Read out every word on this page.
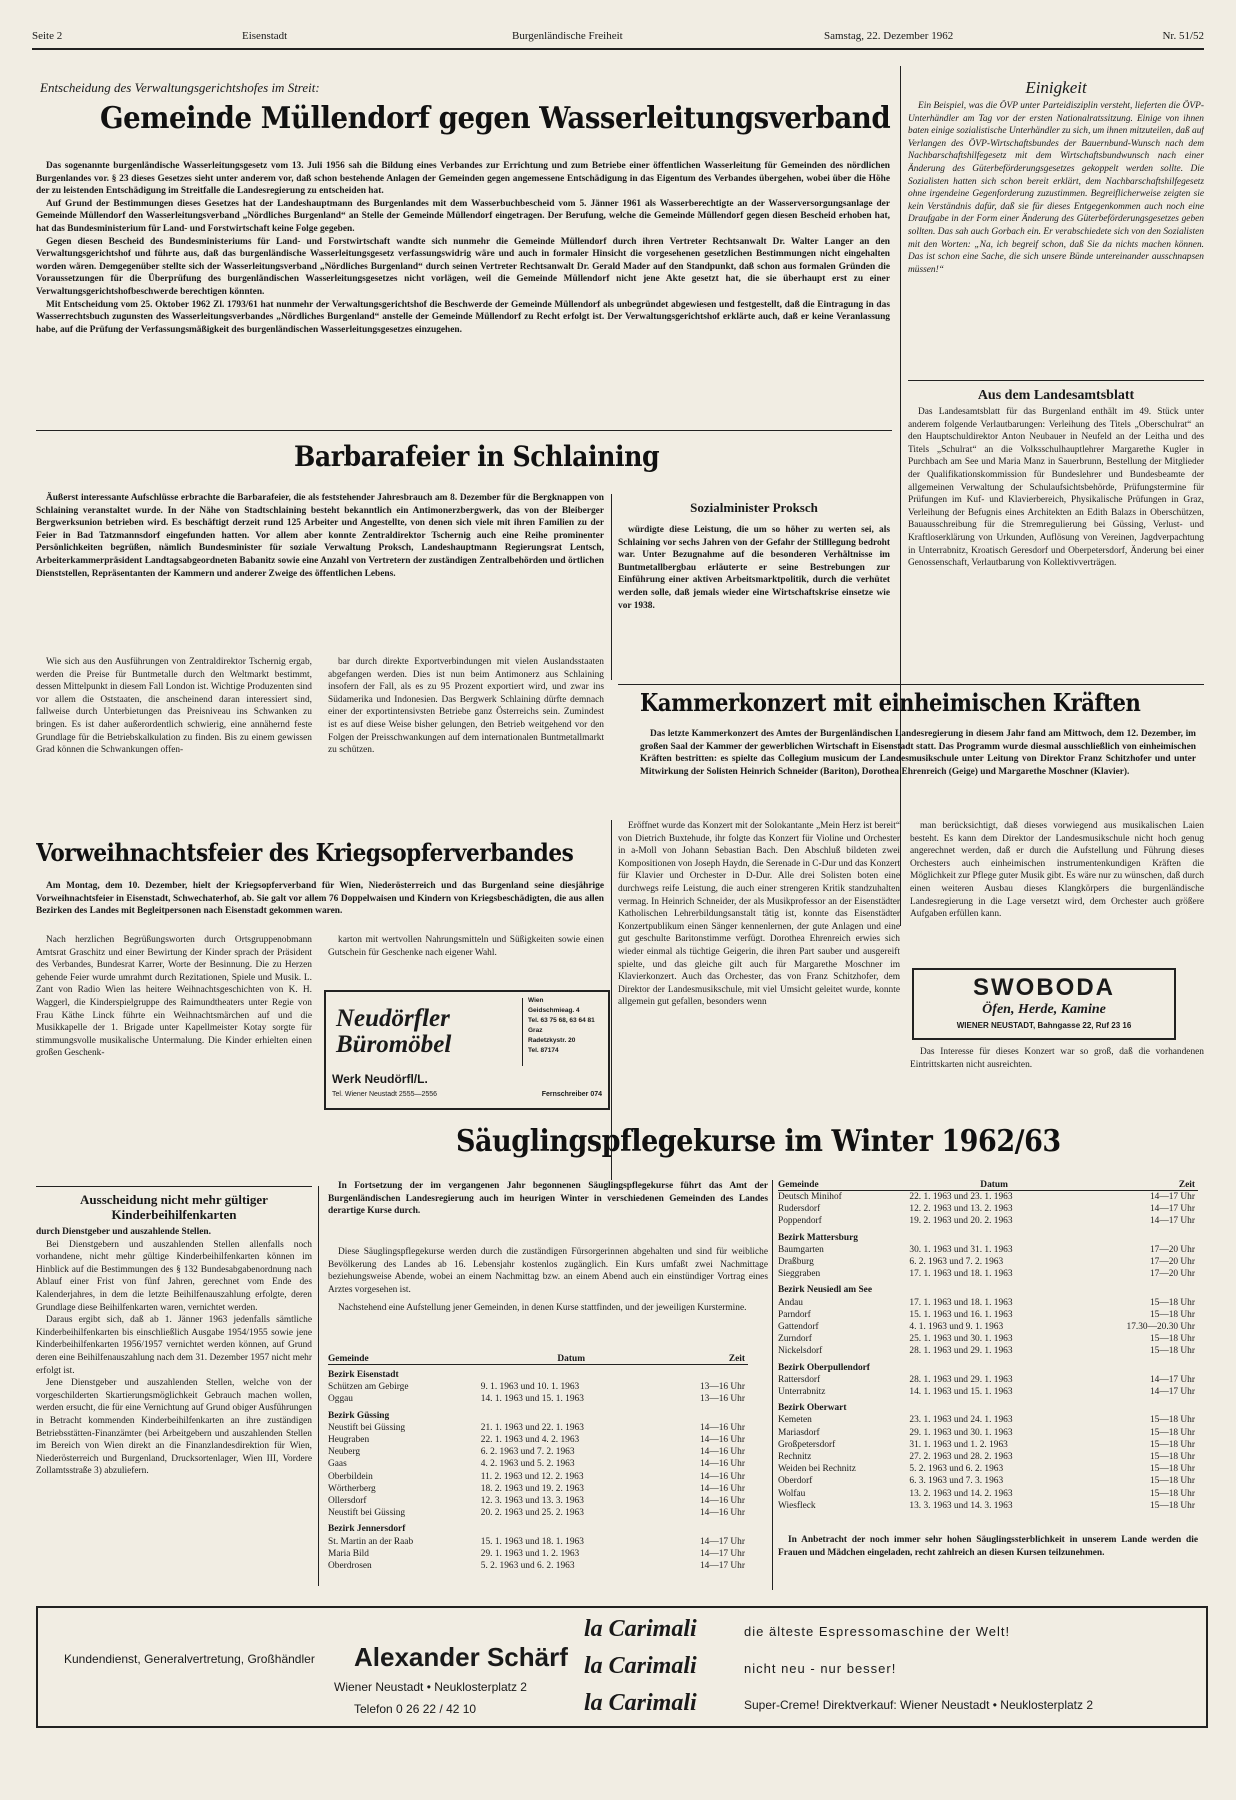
Seite 2	Eisenstadt	Burgenländische Freiheit	Samstag, 22. Dezember 1962	Nr. 51/52
Entscheidung des Verwaltungsgerichtshofes im Streit:
Gemeinde Müllendorf gegen Wasserleitungsverband

Das sogenannte burgenländische Wasserleitungsgesetz vom 13. Juli 1956 sah die Bildung eines Verbandes zur Errichtung und zum Betriebe einer öffentlichen Wasserleitung für Gemeinden des nördlichen Burgenlandes vor. § 23 dieses Gesetzes sieht unter anderem vor, daß schon bestehende Anlagen der Gemeinden gegen angemessene Entschädigung in das Eigentum des Verbandes übergehen, wobei über die Höhe der zu leistenden Entschädigung im Streitfalle die Landesregierung zu entscheiden hat.

Auf Grund der Bestimmungen dieses Gesetzes hat der Landeshauptmann des Burgenlandes mit dem Wasserbuchbescheid vom 5. Jänner 1961 als Wasserberechtigte an der Wasserversorgungsanlage der Gemeinde Müllendorf den Wasserleitungsverband „Nördliches Burgenland“ an Stelle der Gemeinde Müllendorf eingetragen. Der Berufung, welche die Gemeinde Müllendorf gegen diesen Bescheid erhoben hat, hat das Bundesministerium für Land- und Forstwirtschaft keine Folge gegeben.

Gegen diesen Bescheid des Bundesministeriums für Land- und Forstwirtschaft wandte sich nunmehr die Gemeinde Müllendorf durch ihren Vertreter Rechtsanwalt Dr. Walter Langer an den Verwaltungsgerichtshof und führte aus, daß das burgenländische Wasserleitungsgesetz verfassungswidrig wäre und auch in formaler Hinsicht die vorgesehenen gesetzlichen Bestimmungen nicht eingehalten worden wären. Demgegenüber stellte sich der Wasserleitungsverband „Nördliches Burgenland“ durch seinen Vertreter Rechtsanwalt Dr. Gerald Mader auf den Standpunkt, daß schon aus formalen Gründen die Voraussetzungen für die Überprüfung des burgenländischen Wasserleitungsgesetzes nicht vorlägen, weil die Gemeinde Müllendorf nicht jene Akte gesetzt hat, die sie überhaupt erst zu einer Verwaltungsgerichtshofbeschwerde berechtigen könnten.

Mit Entscheidung vom 25. Oktober 1962 Zl. 1793/61 hat nunmehr der Verwaltungsgerichtshof die Beschwerde der Gemeinde Müllendorf als unbegründet abgewiesen und festgestellt, daß die Eintragung in das Wasserrechtsbuch zugunsten des Wasserleitungsverbandes „Nördliches Burgenland“ anstelle der Gemeinde Müllendorf zu Recht erfolgt ist. Der Verwaltungsgerichtshof erklärte auch, daß er keine Veranlassung habe, auf die Prüfung der Verfassungsmäßigkeit des burgenländischen Wasserleitungsgesetzes einzugehen.

Einigkeit

Ein Beispiel, was die ÖVP unter Parteidisziplin versteht, lieferten die ÖVP-Unterhändler am Tag vor der ersten Nationalratssitzung. Einige von ihnen baten einige sozialistische Unterhändler zu sich, um ihnen mitzuteilen, daß auf Verlangen des ÖVP-Wirtschaftsbundes der Bauernbund-Wunsch nach dem Nachbarschaftshilfegesetz mit dem Wirtschaftsbundwunsch nach einer Änderung des Güterbeförderungsgesetzes gekoppelt werden sollte. Die Sozialisten hatten sich schon bereit erklärt, dem Nachbarschaftshilfegesetz ohne irgendeine Gegenforderung zuzustimmen. Begreiflicherweise zeigten sie kein Verständnis dafür, daß sie für dieses Entgegenkommen auch noch eine Draufgabe in der Form einer Änderung des Güterbeförderungsgesetzes geben sollten. Das sah auch Gorbach ein. Er verabschiedete sich von den Sozialisten mit den Worten: „Na, ich begreif schon, daß Sie da nichts machen können. Das ist schon eine Sache, die sich unsere Bünde untereinander ausschnapsen müssen!“

Aus dem Landesamtsblatt

Das Landesamtsblatt für das Burgenland enthält im 49. Stück unter anderem folgende Verlautbarungen: Verleihung des Titels „Oberschulrat“ an den Hauptschuldirektor Anton Neubauer in Neufeld an der Leitha und des Titels „Schulrat“ an die Volksschulhauptlehrer Margarethe Kugler in Purchbach am See und Maria Manz in Sauerbrunn, Bestellung der Mitglieder der Qualifikationskommission für Bundeslehrer und Bundesbeamte der allgemeinen Verwaltung der Schulaufsichtsbehörde, Prüfungstermine für Prüfungen im Kuf- und Klavierbereich, Physikalische Prüfungen in Graz, Verleihung der Befugnis eines Architekten an Edith Balazs in Oberschützen, Bauausschreibung für die Stremregulierung bei Güssing, Verlust- und Kraftloserklärung von Urkunden, Auflösung von Vereinen, Jagdverpachtung in Unterrabnitz, Kroatisch Geresdorf und Oberpetersdorf, Änderung bei einer Genossenschaft, Verlautbarung von Kollektivverträgen.

Barbarafeier in Schlaining

Äußerst interessante Aufschlüsse erbrachte die Barbarafeier, die als feststehender Jahresbrauch am 8. Dezember für die Bergknappen von Schlaining veranstaltet wurde. In der Nähe von Stadtschlaining besteht bekanntlich ein Antimonerzbergwerk, das von der Bleiberger Bergwerksunion betrieben wird. Es beschäftigt derzeit rund 125 Arbeiter und Angestellte, von denen sich viele mit ihren Familien zu der Feier in Bad Tatzmannsdorf eingefunden hatten. Vor allem aber konnte Zentraldirektor Tschernig auch eine Reihe prominenter Persönlichkeiten begrüßen, nämlich Bundesminister für soziale Verwaltung Proksch, Landeshauptmann Regierungsrat Lentsch, Arbeiterkammerpräsident Landtagsabgeordneten Babanitz sowie eine Anzahl von Vertretern der zuständigen Zentralbehörden und örtlichen Dienststellen, Repräsentanten der Kammern und anderer Zweige des öffentlichen Lebens.

Wie sich aus den Ausführungen von Zentraldirektor Tschernig ergab, werden die Preise für Buntmetalle durch den Weltmarkt bestimmt, dessen Mittelpunkt in diesem Fall London ist. Wichtige Produzenten sind vor allem die Oststaaten, die anscheinend daran interessiert sind, fallweise durch Unterbietungen das Preisniveau ins Schwanken zu bringen. Es ist daher außerordentlich schwierig, eine annähernd feste Grundlage für die Betriebskalkulation zu finden. Bis zu einem gewissen Grad können die Schwankungen offen-

bar durch direkte Exportverbindungen mit vielen Auslandsstaaten abgefangen werden. Dies ist nun beim Antimonerz aus Schlaining insofern der Fall, als es zu 95 Prozent exportiert wird, und zwar ins Südamerika und Indonesien. Das Bergwerk Schlaining dürfte demnach einer der exportintensivsten Betriebe ganz Österreichs sein. Zumindest ist es auf diese Weise bisher gelungen, den Betrieb weitgehend vor den Folgen der Preisschwankungen auf dem internationalen Buntmetallmarkt zu schützen.

Sozialminister Proksch

würdigte diese Leistung, die um so höher zu werten sei, als Schlaining vor sechs Jahren von der Gefahr der Stilllegung bedroht war. Unter Bezugnahme auf die besonderen Verhältnisse im Buntmetallbergbau erläuterte er seine Bestrebungen zur Einführung einer aktiven Arbeitsmarktpolitik, durch die verhütet werden solle, daß jemals wieder eine Wirtschaftskrise einsetze wie vor 1938.

Kammerkonzert mit einheimischen Kräften

Das letzte Kammerkonzert des Amtes der Burgenländischen Landesregierung in diesem Jahr fand am Mittwoch, dem 12. Dezember, im großen Saal der Kammer der gewerblichen Wirtschaft in Eisenstadt statt. Das Programm wurde diesmal ausschließlich von einheimischen Kräften bestritten: es spielte das Collegium musicum der Landesmusikschule unter Leitung von Direktor Franz Schitzhofer und unter Mitwirkung der Solisten Heinrich Schneider (Bariton), Dorothea Ehrenreich (Geige) und Margarethe Moschner (Klavier).

Eröffnet wurde das Konzert mit der Solokantante „Mein Herz ist bereit“ von Dietrich Buxtehude, ihr folgte das Konzert für Violine und Orchester in a-Moll von Johann Sebastian Bach. Den Abschluß bildeten zwei Kompositionen von Joseph Haydn, die Serenade in C-Dur und das Konzert für Klavier und Orchester in D-Dur. Alle drei Solisten boten eine durchwegs reife Leistung, die auch einer strengeren Kritik standzuhalten vermag. In Heinrich Schneider, der als Musikprofessor an der Eisenstädter Katholischen Lehrerbildungsanstalt tätig ist, konnte das Eisenstädter Konzertpublikum einen Sänger kennenlernen, der gute Anlagen und eine gut geschulte Baritonstimme verfügt. Dorothea Ehrenreich erwies sich wieder einmal als tüchtige Geigerin, die ihren Part sauber und ausgereift spielte, und das gleiche gilt auch für Margarethe Moschner im Klavierkonzert. Auch das Orchester, das von Franz Schitzhofer, dem Direktor der Landesmusikschule, mit viel Umsicht geleitet wurde, konnte allgemein gut gefallen, besonders wenn

man berücksichtigt, daß dieses vorwiegend aus musikalischen Laien besteht. Es kann dem Direktor der Landesmusikschule nicht hoch genug angerechnet werden, daß er durch die Aufstellung und Führung dieses Orchesters auch einheimischen instrumentenkundigen Kräften die Möglichkeit zur Pflege guter Musik gibt. Es wäre nur zu wünschen, daß durch einen weiteren Ausbau dieses Klangkörpers die burgenländische Landesregierung in die Lage versetzt wird, dem Orchester auch größere Aufgaben erfüllen kann.

Das Interesse für dieses Konzert war so groß, daß die vorhandenen Eintrittskarten nicht ausreichten.

SWOBODA
Öfen, Herde, Kamine
WIENER NEUSTADT, Bahngasse 22, Ruf 23 16
Vorweihnachtsfeier des Kriegsopferverbandes

Am Montag, dem 10. Dezember, hielt der Kriegsopferverband für Wien, Niederösterreich und das Burgenland seine diesjährige Vorweihnachtsfeier in Eisenstadt, Schwechaterhof, ab. Sie galt vor allem 76 Doppelwaisen und Kindern von Kriegsbeschädigten, die aus allen Bezirken des Landes mit Begleitpersonen nach Eisenstadt gekommen waren.

Nach herzlichen Begrüßungsworten durch Ortsgruppenobmann Amtsrat Graschitz und einer Bewirtung der Kinder sprach der Präsident des Verbandes, Bundesrat Karrer, Worte der Besinnung. Die zu Herzen gehende Feier wurde umrahmt durch Rezitationen, Spiele und Musik. L. Zant von Radio Wien las heitere Weihnachtsgeschichten von K. H. Waggerl, die Kinderspielgruppe des Raimundtheaters unter Regie von Frau Käthe Linck führte ein Weihnachtsmärchen auf und die Musikkapelle der 1. Brigade unter Kapellmeister Kotay sorgte für stimmungsvolle musikalische Untermalung. Die Kinder erhielten einen großen Geschenk-

karton mit wertvollen Nahrungsmitteln und Süßigkeiten sowie einen Gutschein für Geschenke nach eigener Wahl.

Neudörfler Büromöbel
Wien
Geidschmieag. 4
Tel. 63 75 68, 63 64 81
Graz
Radetzkystr. 20
Tel. 87174
Werk Neudörfl/L.
Tel. Wiener Neustadt 2555—2556	Fernschreiber 074
Ausscheidung nicht mehr gültiger Kinderbeihilfenkarten

durch Dienstgeber und auszahlende Stellen.

Bei Dienstgebern und auszahlenden Stellen allenfalls noch vorhandene, nicht mehr gültige Kinderbeihilfenkarten können im Hinblick auf die Bestimmungen des § 132 Bundesabgabenordnung nach Ablauf einer Frist von fünf Jahren, gerechnet vom Ende des Kalenderjahres, in dem die letzte Beihilfenauszahlung erfolgte, deren Grundlage diese Beihilfenkarten waren, vernichtet werden.

Daraus ergibt sich, daß ab 1. Jänner 1963 jedenfalls sämtliche Kinderbeihilfenkarten bis einschließlich Ausgabe 1954/1955 sowie jene Kinderbeihilfenkarten 1956/1957 vernichtet werden können, auf Grund deren eine Beihilfenauszahlung nach dem 31. Dezember 1957 nicht mehr erfolgt ist.

Jene Dienstgeber und auszahlenden Stellen, welche von der vorgeschilderten Skartierungsmöglichkeit Gebrauch machen wollen, werden ersucht, die für eine Vernichtung auf Grund obiger Ausführungen in Betracht kommenden Kinderbeihilfenkarten an ihre zuständigen Betriebsstätten-Finanzämter (bei Arbeitgebern und auszahlenden Stellen im Bereich von Wien direkt an die Finanzlandesdirektion für Wien, Niederösterreich und Burgenland, Drucksortenlager, Wien III, Vordere Zollamtsstraße 3) abzuliefern.

Säuglingspflegekurse im Winter 1962/63

In Fortsetzung der im vergangenen Jahr begonnenen Säuglingspflegekurse führt das Amt der Burgenländischen Landesregierung auch im heurigen Winter in verschiedenen Gemeinden des Landes derartige Kurse durch.

Diese Säuglingspflegekurse werden durch die zuständigen Fürsorgerinnen abgehalten und sind für weibliche Bevölkerung des Landes ab 16. Lebensjahr kostenlos zugänglich. Ein Kurs umfaßt zwei Nachmittage beziehungsweise Abende, wobei an einem Nachmittag bzw. an einem Abend auch ein einstündiger Vortrag eines Arztes vorgesehen ist.

Nachstehend eine Aufstellung jener Gemeinden, in denen Kurse stattfinden, und der jeweiligen Kurstermine.

Gemeinde	Datum	Zeit
Bezirk Eisenstadt		
Schützen am Gebirge	9. 1. 1963 und 10. 1. 1963	13—16 Uhr
Oggau	14. 1. 1963 und 15. 1. 1963	13—16 Uhr
Bezirk Güssing		
Neustift bei Güssing	21. 1. 1963 und 22. 1. 1963	14—16 Uhr
Heugraben	22. 1. 1963 und 4. 2. 1963	14—16 Uhr
Neuberg	6. 2. 1963 und 7. 2. 1963	14—16 Uhr
Gaas	4. 2. 1963 und 5. 2. 1963	14—16 Uhr
Oberbildein	11. 2. 1963 und 12. 2. 1963	14—16 Uhr
Wörtherberg	18. 2. 1963 und 19. 2. 1963	14—16 Uhr
Ollersdorf	12. 3. 1963 und 13. 3. 1963	14—16 Uhr
Neustift bei Güssing	20. 2. 1963 und 25. 2. 1963	14—16 Uhr
Bezirk Jennersdorf		
St. Martin an der Raab	15. 1. 1963 und 18. 1. 1963	14—17 Uhr
Maria Bild	29. 1. 1963 und 1. 2. 1963	14—17 Uhr
Oberdrosen	5. 2. 1963 und 6. 2. 1963	14—17 Uhr
Gemeinde	Datum	Zeit
Deutsch Minihof	22. 1. 1963 und 23. 1. 1963	14—17 Uhr
Rudersdorf	12. 2. 1963 und 13. 2. 1963	14—17 Uhr
Poppendorf	19. 2. 1963 und 20. 2. 1963	14—17 Uhr
Bezirk Mattersburg		
Baumgarten	30. 1. 1963 und 31. 1. 1963	17—20 Uhr
Draßburg	6. 2. 1963 und 7. 2. 1963	17—20 Uhr
Sieggraben	17. 1. 1963 und 18. 1. 1963	17—20 Uhr
Bezirk Neusiedl am See		
Andau	17. 1. 1963 und 18. 1. 1963	15—18 Uhr
Parndorf	15. 1. 1963 und 16. 1. 1963	15—18 Uhr
Gattendorf	4. 1. 1963 und 9. 1. 1963	17.30—20.30 Uhr
Zurndorf	25. 1. 1963 und 30. 1. 1963	15—18 Uhr
Nickelsdorf	28. 1. 1963 und 29. 1. 1963	15—18 Uhr
Bezirk Oberpullendorf		
Rattersdorf	28. 1. 1963 und 29. 1. 1963	14—17 Uhr
Unterrabnitz	14. 1. 1963 und 15. 1. 1963	14—17 Uhr
Bezirk Oberwart		
Kemeten	23. 1. 1963 und 24. 1. 1963	15—18 Uhr
Mariasdorf	29. 1. 1963 und 30. 1. 1963	15—18 Uhr
Großpetersdorf	31. 1. 1963 und 1. 2. 1963	15—18 Uhr
Rechnitz	27. 2. 1963 und 28. 2. 1963	15—18 Uhr
Weiden bei Rechnitz	5. 2. 1963 und 6. 2. 1963	15—18 Uhr
Oberdorf	6. 3. 1963 und 7. 3. 1963	15—18 Uhr
Wolfau	13. 2. 1963 und 14. 2. 1963	15—18 Uhr
Wiesfleck	13. 3. 1963 und 14. 3. 1963	15—18 Uhr

In Anbetracht der noch immer sehr hohen Säuglingssterblichkeit in unserem Lande werden die Frauen und Mädchen eingeladen, recht zahlreich an diesen Kursen teilzunehmen.

Kundendienst, Generalvertretung, Großhändler Alexander Schärf
Wiener Neustadt • Neuklosterplatz 2
Telefon 0 26 22 / 42 10
la Carimali
la Carimali
la Carimali
die älteste Espressomaschine der Welt!
nicht neu - nur besser!
Super-Creme! Direktverkauf: Wiener Neustadt • Neuklosterplatz 2
